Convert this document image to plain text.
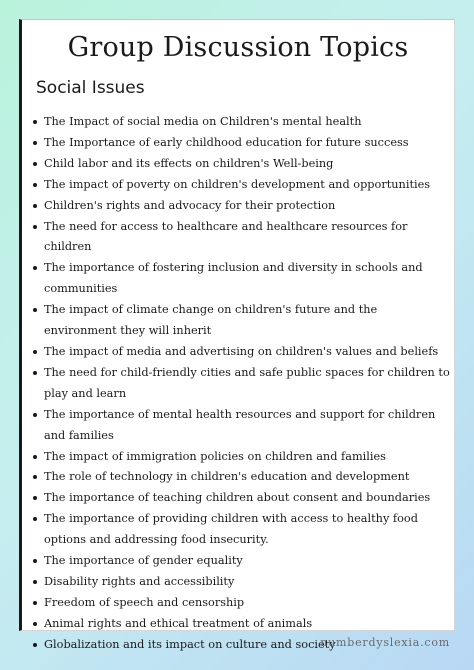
Group Discussion Topics
Social Issues
The Impact of social media on Children's mental health
The Importance of early childhood education for future success
Child labor and its effects on children's Well-being
The impact of poverty on children's development and opportunities
Children's rights and advocacy for their protection
The need for access to healthcare and healthcare resources for children
The importance of fostering inclusion and diversity in schools and communities
The impact of climate change on children's future and the environment they will inherit
The impact of media and advertising on children's values and beliefs
The need for child-friendly cities and safe public spaces for children to play and learn
The importance of mental health resources and support for children and families
The impact of immigration policies on children and families
The role of technology in children's education and development
The importance of teaching children about consent and boundaries
The importance of providing children with access to healthy food options and addressing food insecurity.
The importance of gender equality
Disability rights and accessibility
Freedom of speech and censorship
Animal rights and ethical treatment of animals
Globalization and its impact on culture and society
numberdyslexia.com
